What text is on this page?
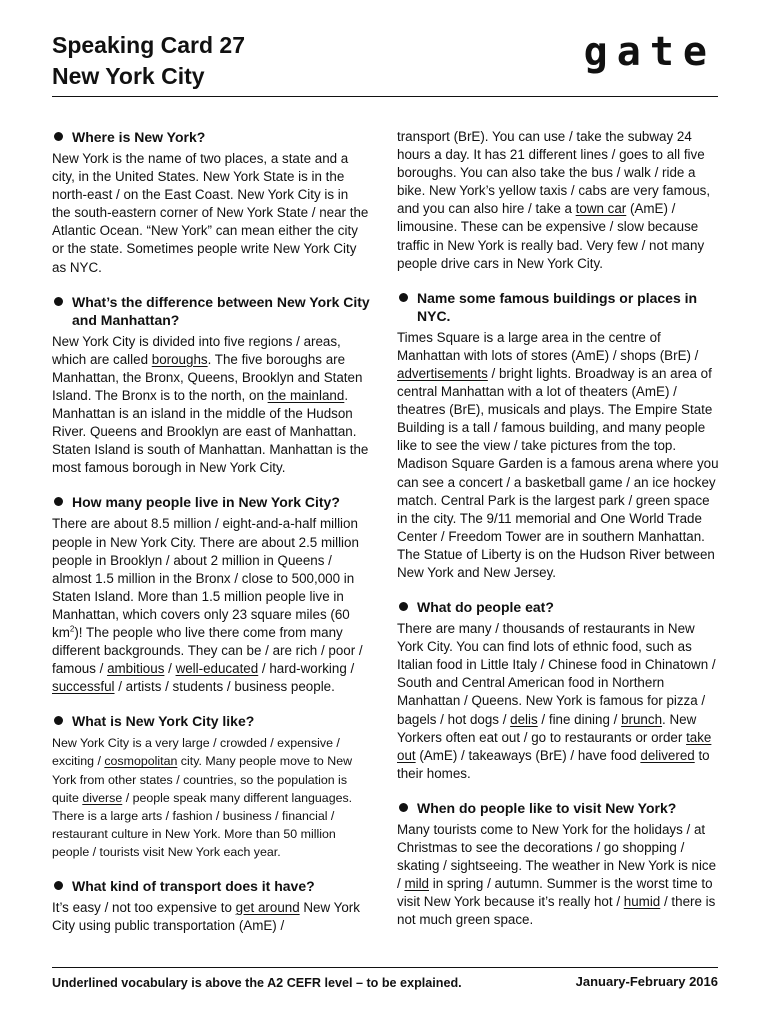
Speaking Card 27
New York City
gate
Where is New York?
New York is the name of two places, a state and a city, in the United States. New York State is in the north-east / on the East Coast. New York City is in the south-eastern corner of New York State / near the Atlantic Ocean. “New York” can mean either the city or the state. Sometimes people write New York City as NYC.
What’s the difference between New York City and Manhattan?
New York City is divided into five regions / areas, which are called boroughs. The five boroughs are Manhattan, the Bronx, Queens, Brooklyn and Staten Island. The Bronx is to the north, on the mainland. Manhattan is an island in the middle of the Hudson River. Queens and Brooklyn are east of Manhattan. Staten Island is south of Manhattan. Manhattan is the most famous borough in New York City.
How many people live in New York City?
There are about 8.5 million / eight-and-a-half million people in New York City. There are about 2.5 million people in Brooklyn / about 2 million in Queens / almost 1.5 million in the Bronx / close to 500,000 in Staten Island. More than 1.5 million people live in Manhattan, which covers only 23 square miles (60 $km^2$)! The people who live there come from many different backgrounds. They can be / are rich / poor / famous / ambitious / well-educated / hard-working / successful / artists / students / business people.
What is New York City like?
New York City is a very large / crowded / expensive / exciting / cosmopolitan city. Many people move to New York from other states / countries, so the population is quite diverse / people speak many different languages. There is a large arts / fashion / business / financial / restaurant culture in New York. More than 50 million people / tourists visit New York each year.
What kind of transport does it have?
It’s easy / not too expensive to get around New York City using public transportation (AmE) /
transport (BrE). You can use / take the subway 24 hours a day. It has 21 different lines / goes to all five boroughs. You can also take the bus / walk / ride a bike. New York’s yellow taxis / cabs are very famous, and you can also hire / take a town car (AmE) / limousine. These can be expensive / slow because traffic in New York is really bad. Very few / not many people drive cars in New York City.
Name some famous buildings or places in NYC.
Times Square is a large area in the centre of Manhattan with lots of stores (AmE) / shops (BrE) / advertisements / bright lights. Broadway is an area of central Manhattan with a lot of theaters (AmE) / theatres (BrE), musicals and plays. The Empire State Building is a tall / famous building, and many people like to see the view / take pictures from the top. Madison Square Garden is a famous arena where you can see a concert / a basketball game / an ice hockey match. Central Park is the largest park / green space in the city. The 9/11 memorial and One World Trade Center / Freedom Tower are in southern Manhattan. The Statue of Liberty is on the Hudson River between New York and New Jersey.
What do people eat?
There are many / thousands of restaurants in New York City. You can find lots of ethnic food, such as Italian food in Little Italy / Chinese food in Chinatown / South and Central American food in Northern Manhattan / Queens. New York is famous for pizza / bagels / hot dogs / delis / fine dining / brunch. New Yorkers often eat out / go to restaurants or order take out (AmE) / takeaways (BrE) / have food delivered to their homes.
When do people like to visit New York?
Many tourists come to New York for the holidays / at Christmas to see the decorations / go shopping / skating / sightseeing. The weather in New York is nice / mild in spring / autumn. Summer is the worst time to visit New York because it’s really hot / humid / there is not much green space.
Underlined vocabulary is above the A2 CEFR level – to be explained.	January-February 2016
